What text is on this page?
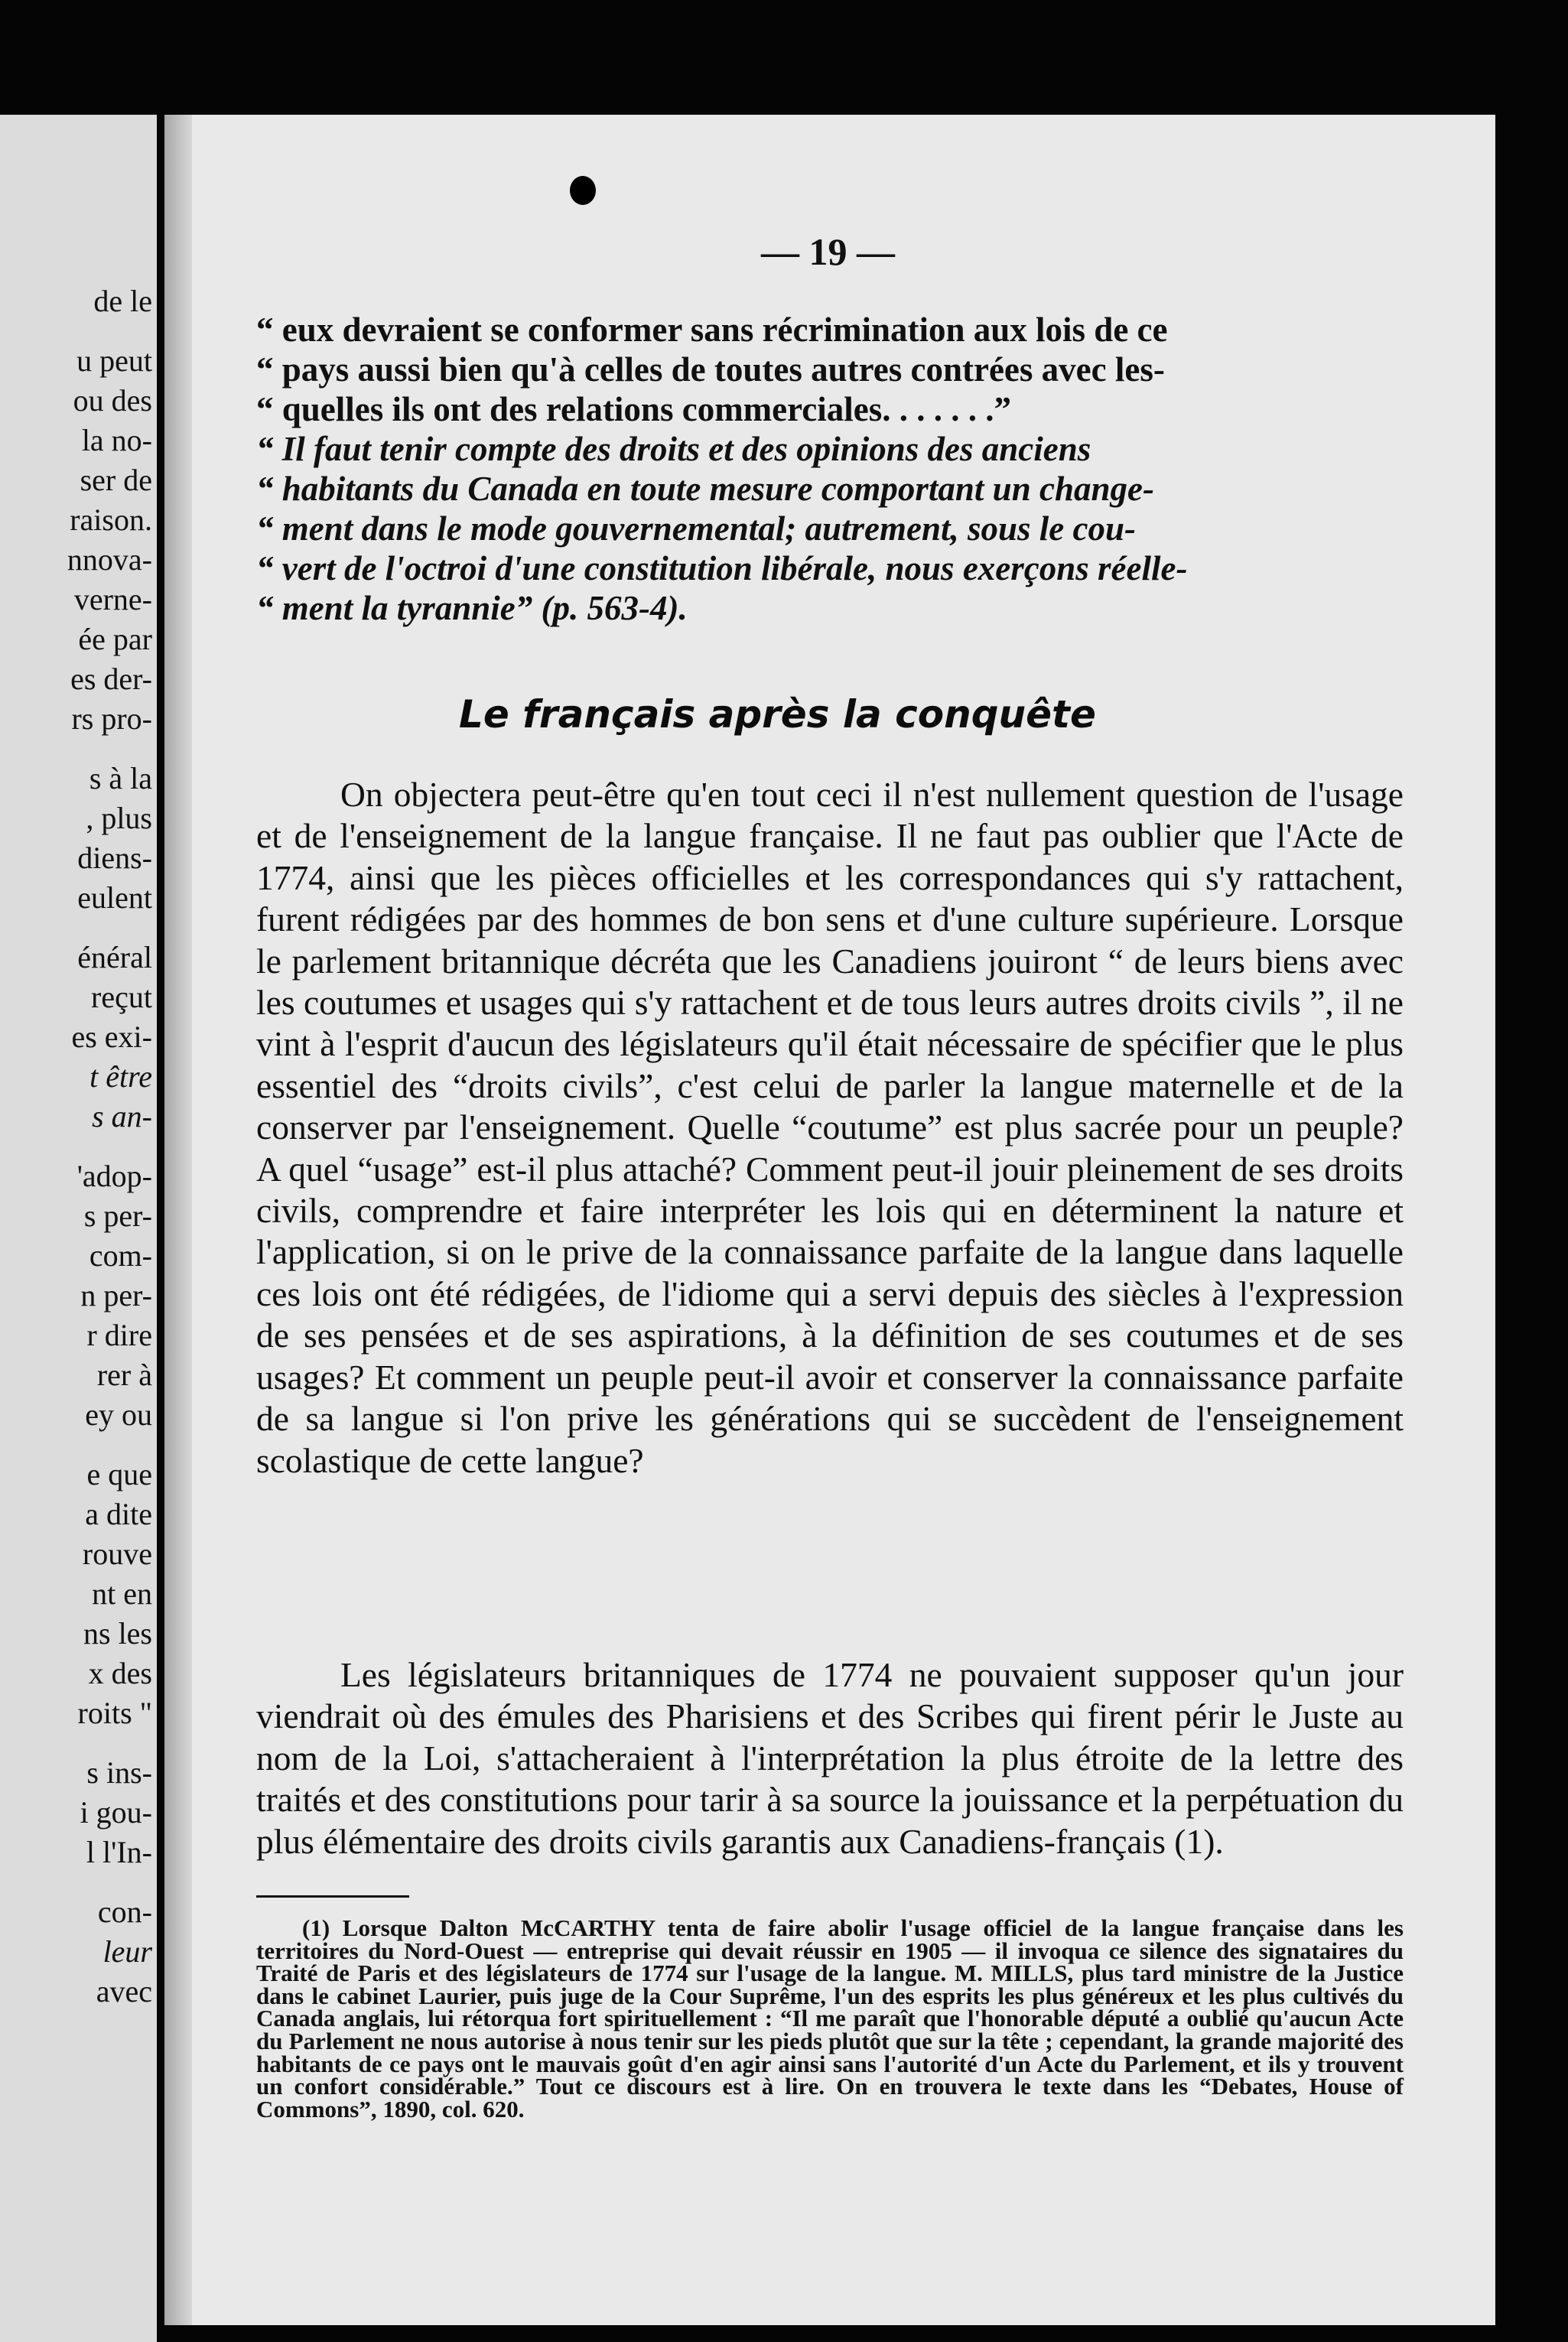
de le
u peut
ou des
la no-
ser de
raison.
nnova-
verne-
ée par
es der-
rs pro-
s à la
, plus
diens-
eulent
énéral
reçut
es exi-
t être
s an-
'adop-
s per-
com-
n per-
r dire
rer à
ey ou
e que
a dite
rouve
nt en
ns les
x des
roits "
s ins-
i gou-
l l'In-
con-
leur
avec
— 19 —
“ eux devraient se conformer sans récrimination aux lois de ce
“ pays aussi bien qu'à celles de toutes autres contrées avec les-
“ quelles ils ont des relations commerciales. . . . . . .”
“ Il faut tenir compte des droits et des opinions des anciens
“ habitants du Canada en toute mesure comportant un change-
“ ment dans le mode gouvernemental; autrement, sous le cou-
“ vert de l'octroi d'une constitution libérale, nous exerçons réelle-
“ ment la tyrannie” (p. 563-4).
Le français après la conquête
On objectera peut-être qu'en tout ceci il n'est nullement question de l'usage et de l'enseignement de la langue française. Il ne faut pas oublier que l'Acte de 1774, ainsi que les pièces officielles et les correspondances qui s'y rattachent, furent rédigées par des hommes de bon sens et d'une culture supérieure. Lorsque le parlement britannique décréta que les Canadiens jouiront “ de leurs biens avec les coutumes et usages qui s'y rattachent et de tous leurs autres droits civils ”, il ne vint à l'esprit d'aucun des législateurs qu'il était nécessaire de spécifier que le plus essentiel des “droits civils”, c'est celui de parler la langue maternelle et de la conserver par l'enseignement. Quelle “coutume” est plus sacrée pour un peuple? A quel “usage” est-il plus attaché? Comment peut-il jouir pleinement de ses droits civils, comprendre et faire interpréter les lois qui en déterminent la nature et l'application, si on le prive de la connaissance parfaite de la langue dans laquelle ces lois ont été rédigées, de l'idiome qui a servi depuis des siècles à l'expression de ses pensées et de ses aspirations, à la définition de ses coutumes et de ses usages? Et comment un peuple peut-il avoir et conserver la connaissance parfaite de sa langue si l'on prive les générations qui se succèdent de l'enseignement scolastique de cette langue?
Les législateurs britanniques de 1774 ne pouvaient supposer qu'un jour viendrait où des émules des Pharisiens et des Scribes qui firent périr le Juste au nom de la Loi, s'attacheraient à l'interprétation la plus étroite de la lettre des traités et des constitutions pour tarir à sa source la jouissance et la perpétuation du plus élémentaire des droits civils garantis aux Canadiens-français (1).
(1) Lorsque Dalton McCARTHY tenta de faire abolir l'usage officiel de la langue française dans les territoires du Nord-Ouest — entreprise qui devait réussir en 1905 — il invoqua ce silence des signataires du Traité de Paris et des législateurs de 1774 sur l'usage de la langue. M. MILLS, plus tard ministre de la Justice dans le cabinet Laurier, puis juge de la Cour Suprême, l'un des esprits les plus généreux et les plus cultivés du Canada anglais, lui rétorqua fort spirituellement : “Il me paraît que l'honorable député a oublié qu'aucun Acte du Parlement ne nous autorise à nous tenir sur les pieds plutôt que sur la tête ; cependant, la grande majorité des habitants de ce pays ont le mauvais goût d'en agir ainsi sans l'autorité d'un Acte du Parlement, et ils y trouvent un confort considérable.” Tout ce discours est à lire. On en trouvera le texte dans les “Debates, House of Commons”, 1890, col. 620.
